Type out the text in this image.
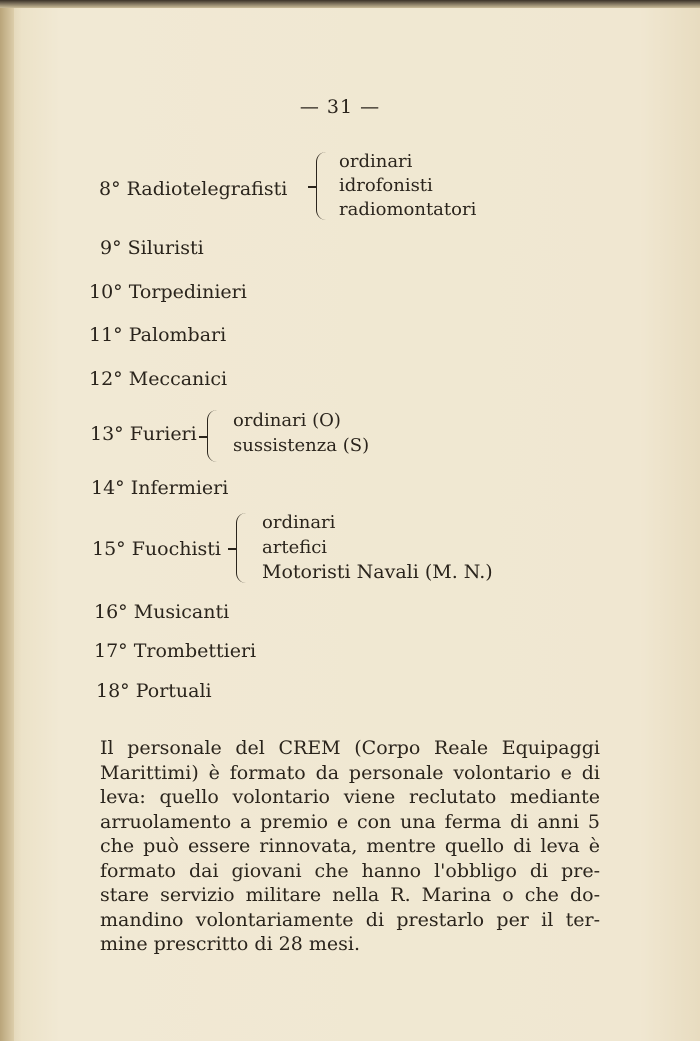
— 31 —
8° Radiotelegrafisti
ordinari
idrofonisti
radiomontatori
9° Siluristi
10° Torpedinieri
11° Palombari
12° Meccanici
13° Furieri
ordinari (O)
sussistenza (S)
14° Infermieri
15° Fuochisti
ordinari
artefici
Motoristi Navali (M. N.)
16° Musicanti
17° Trombettieri
18° Portuali
Il personale del CREM (Corpo Reale Equipaggi
Marittimi) è formato da personale volontario e di
leva: quello volontario viene reclutato mediante
arruolamento a premio e con una ferma di anni 5
che può essere rinnovata, mentre quello di leva è
formato dai giovani che hanno l'obbligo di pre-
stare servizio militare nella R. Marina o che do-
mandino volontariamente di prestarlo per il ter-
mine prescritto di 28 mesi.
